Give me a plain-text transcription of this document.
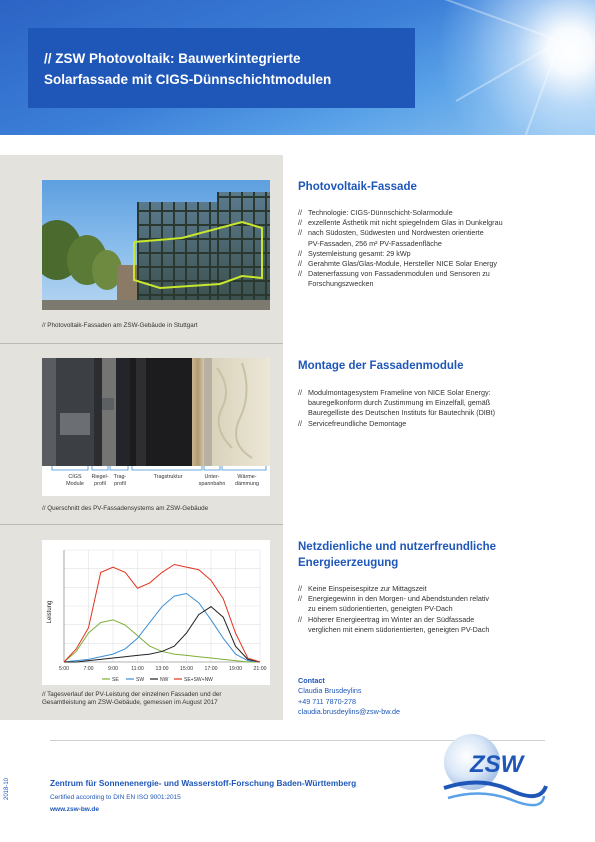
// ZSW Photovoltaik: Bauwerkintegrierte
Solarfassade mit CIGS-Dünnschichtmodulen
// Photovoltaik-Fassaden am ZSW-Gebäude in Stuttgart
CIGS
Module
Riegel-
profil
Trag-
profil
Tragstruktur	Unter-
spannbahn
Wärme-
dämmung
// Querschnitt des PV-Fassadensystems am ZSW-Gebäude
Leistung
5:00	7:00	9:00	11:00 13:00 15:00 17:00 19:00 21:00
SE	SW	NW	SE+SW+NW
// Tagesverlauf der PV-Leistung der einzelnen Fassaden und der
Gesamtleistung am ZSW-Gebäude, gemessen im August 2017
Photovoltaik-Fassade
// Technologie: CIGS-Dünnschicht-Solarmodule
// exzellente Ästhetik mit nicht spiegelndem Glas in Dunkelgrau
// nach Südosten, Südwesten und Nordwesten orientierte
PV-Fassaden, 256 m² PV-Fassadenfläche
// Systemleistung gesamt: 29 kWp
// Gerahmte Glas/Glas-Module, Hersteller NICE Solar Energy
// Datenerfassung von Fassadenmodulen und Sensoren zu
Forschungszwecken
Montage der Fassadenmodule
// Modulmontagesystem Frameline von NICE Solar Energy:
bauregelkonform durch Zustimmung im Einzelfall, gemäß
Bauregelliste des Deutschen Instituts für Bautechnik (DIBt)
// Servicefreundliche Demontage
Netzdienliche und nutzerfreundliche
Energieerzeugung
// Keine Einspeisespitze zur Mittagszeit
// Energiegewinn in den Morgen- und Abendstunden relativ
zu einem südorientierten, geneigten PV-Dach
// Höherer Energieertrag im Winter an der Südfassade
verglichen mit einem südorientierten, geneigten PV-Dach
Contact
Claudia Brusdeylins
+49 711 7870-278
claudia.brusdeylins@zsw-bw.de
2018-10	Zentrum für Sonnenenergie- und Wasserstoff-Forschung Baden-Württemberg
Certified according to DIN EN ISO 9001:2015
www.zsw-bw.de
ZSW
